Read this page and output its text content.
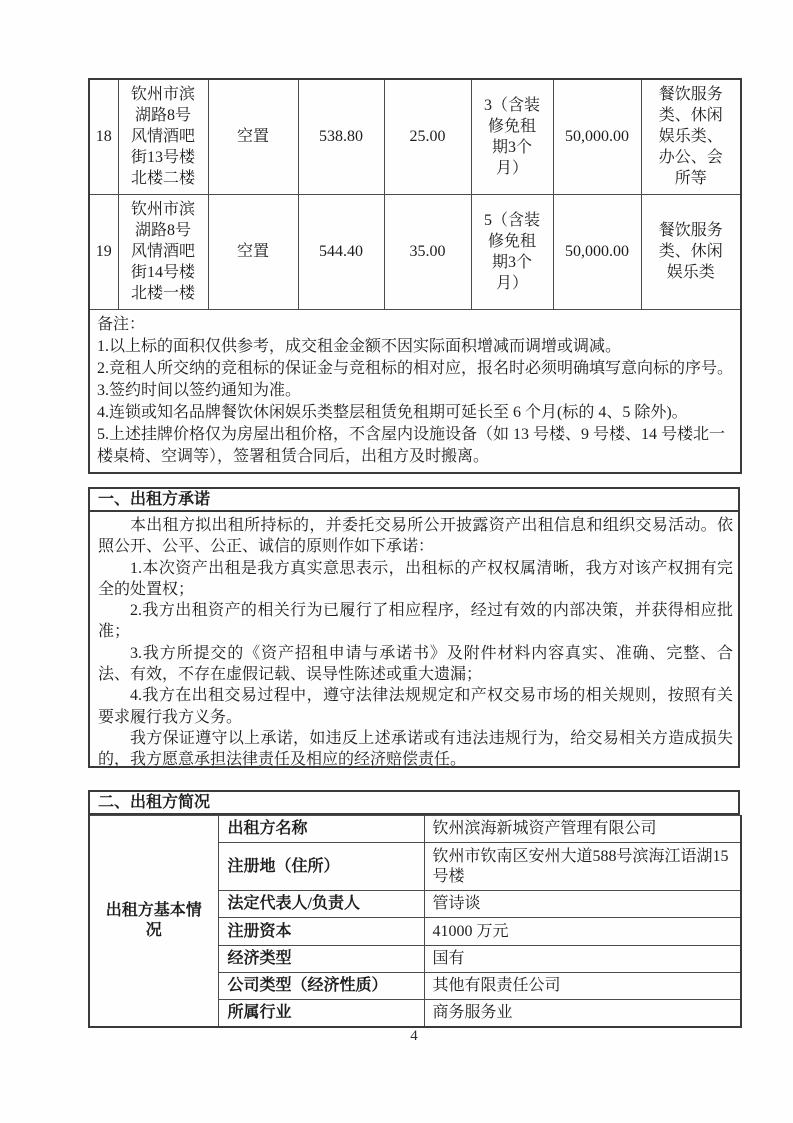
18	钦州市滨湖路8号风情酒吧街13号楼北楼二楼	空置	538.80	25.00	3（含装修免租期3个月）	50,000.00	餐饮服务类、休闲娱乐类、办公、会所等
19	钦州市滨湖路8号风情酒吧街14号楼北楼一楼	空置	544.40	35.00	5（含装修免租期3个月）	50,000.00	餐饮服务类、休闲娱乐类

备注：
1.以上标的面积仅供参考，成交租金金额不因实际面积增减而调增或调减。
2.竞租人所交纳的竞租标的保证金与竞租标的相对应，报名时必须明确填写意向标的序号。
3.签约时间以签约通知为准。
4.连锁或知名品牌餐饮休闲娱乐类整层租赁免租期可延长至 6 个月(标的 4、5 除外)。
5.上述挂牌价格仅为房屋出租价格，不含屋内设施设备（如 13 号楼、9 号楼、14 号楼北一楼桌椅、空调等），签署租赁合同后，出租方及时搬离。
一、出租方承诺

本出租方拟出租所持标的，并委托交易所公开披露资产出租信息和组织交易活动。依照公开、公平、公正、诚信的原则作如下承诺：

1.本次资产出租是我方真实意思表示，出租标的产权权属清晰，我方对该产权拥有完全的处置权；

2.我方出租资产的相关行为已履行了相应程序，经过有效的内部决策，并获得相应批准；

3.我方所提交的《资产招租申请与承诺书》及附件材料内容真实、准确、完整、合法、有效，不存在虚假记载、误导性陈述或重大遗漏；

4.我方在出租交易过程中，遵守法律法规规定和产权交易市场的相关规则，按照有关要求履行我方义务。

我方保证遵守以上承诺，如违反上述承诺或有违法违规行为，给交易相关方造成损失的，我方愿意承担法律责任及相应的经济赔偿责任。

二、出租方简况
出租方基本情况	出租方名称	钦州滨海新城资产管理有限公司
	注册地（住所）	钦州市钦南区安州大道588号滨海江语湖15号楼
	法定代表人/负责人	管诗谈
	注册资本	41000 万元
	经济类型	国有
	公司类型（经济性质）	其他有限责任公司
	所属行业	商务服务业
4
